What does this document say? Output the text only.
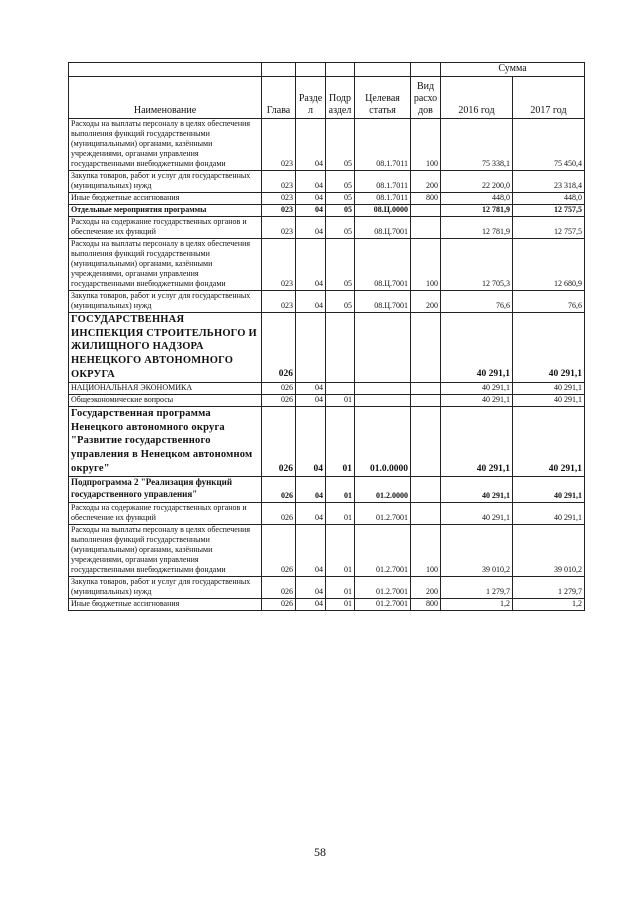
						Сумма	
Наименование	Глава	Разде л	Подр аздел	Целевая статья	Вид расхо дов	2016 год	2017 год
Расходы на выплаты персоналу в целях обеспечения выполнения функций государственными (муниципальными) органами, казёнными учреждениями, органами управления государственными внебюджетными фондами	023	04	05	08.1.7011	100	75 338,1	75 450,4
Закупка товаров, работ и услуг для государственных (муниципальных) нужд	023	04	05	08.1.7011	200	22 200,0	23 318,4
Иные бюджетные ассигнования	023	04	05	08.1.7011	800	448,0	448,0
Отдельные мероприятия программы	023	04	05	08.Ц.0000		12 781,9	12 757,5
Расходы на содержание государственных органов и обеспечение их функций	023	04	05	08.Ц.7001		12 781,9	12 757,5
Расходы на выплаты персоналу в целях обеспечения выполнения функций государственными (муниципальными) органами, казёнными учреждениями, органами управления государственными внебюджетными фондами	023	04	05	08.Ц.7001	100	12 705,3	12 680,9
Закупка товаров, работ и услуг для государственных (муниципальных) нужд	023	04	05	08.Ц.7001	200	76,6	76,6
ГОСУДАРСТВЕННАЯ ИНСПЕКЦИЯ СТРОИТЕЛЬНОГО И ЖИЛИЩНОГО НАДЗОРА НЕНЕЦКОГО АВТОНОМНОГО ОКРУГА	026					40 291,1	40 291,1
НАЦИОНАЛЬНАЯ ЭКОНОМИКА	026	04				40 291,1	40 291,1
Общеэкономические вопросы	026	04	01			40 291,1	40 291,1
Государственная программа Ненецкого автономного округа "Развитие государственного управления в Ненецком автономном округе"	026	04	01	01.0.0000		40 291,1	40 291,1
Подпрограмма 2 "Реализация функций государственного управления"	026	04	01	01.2.0000		40 291,1	40 291,1
Расходы на содержание государственных органов и обеспечение их функций	026	04	01	01.2.7001		40 291,1	40 291,1
Расходы на выплаты персоналу в целях обеспечения выполнения функций государственными (муниципальными) органами, казёнными учреждениями, органами управления государственными внебюджетными фондами	026	04	01	01.2.7001	100	39 010,2	39 010,2
Закупка товаров, работ и услуг для государственных (муниципальных) нужд	026	04	01	01.2.7001	200	1 279,7	1 279,7
Иные бюджетные ассигнования	026	04	01	01.2.7001	800	1,2	1,2
58
